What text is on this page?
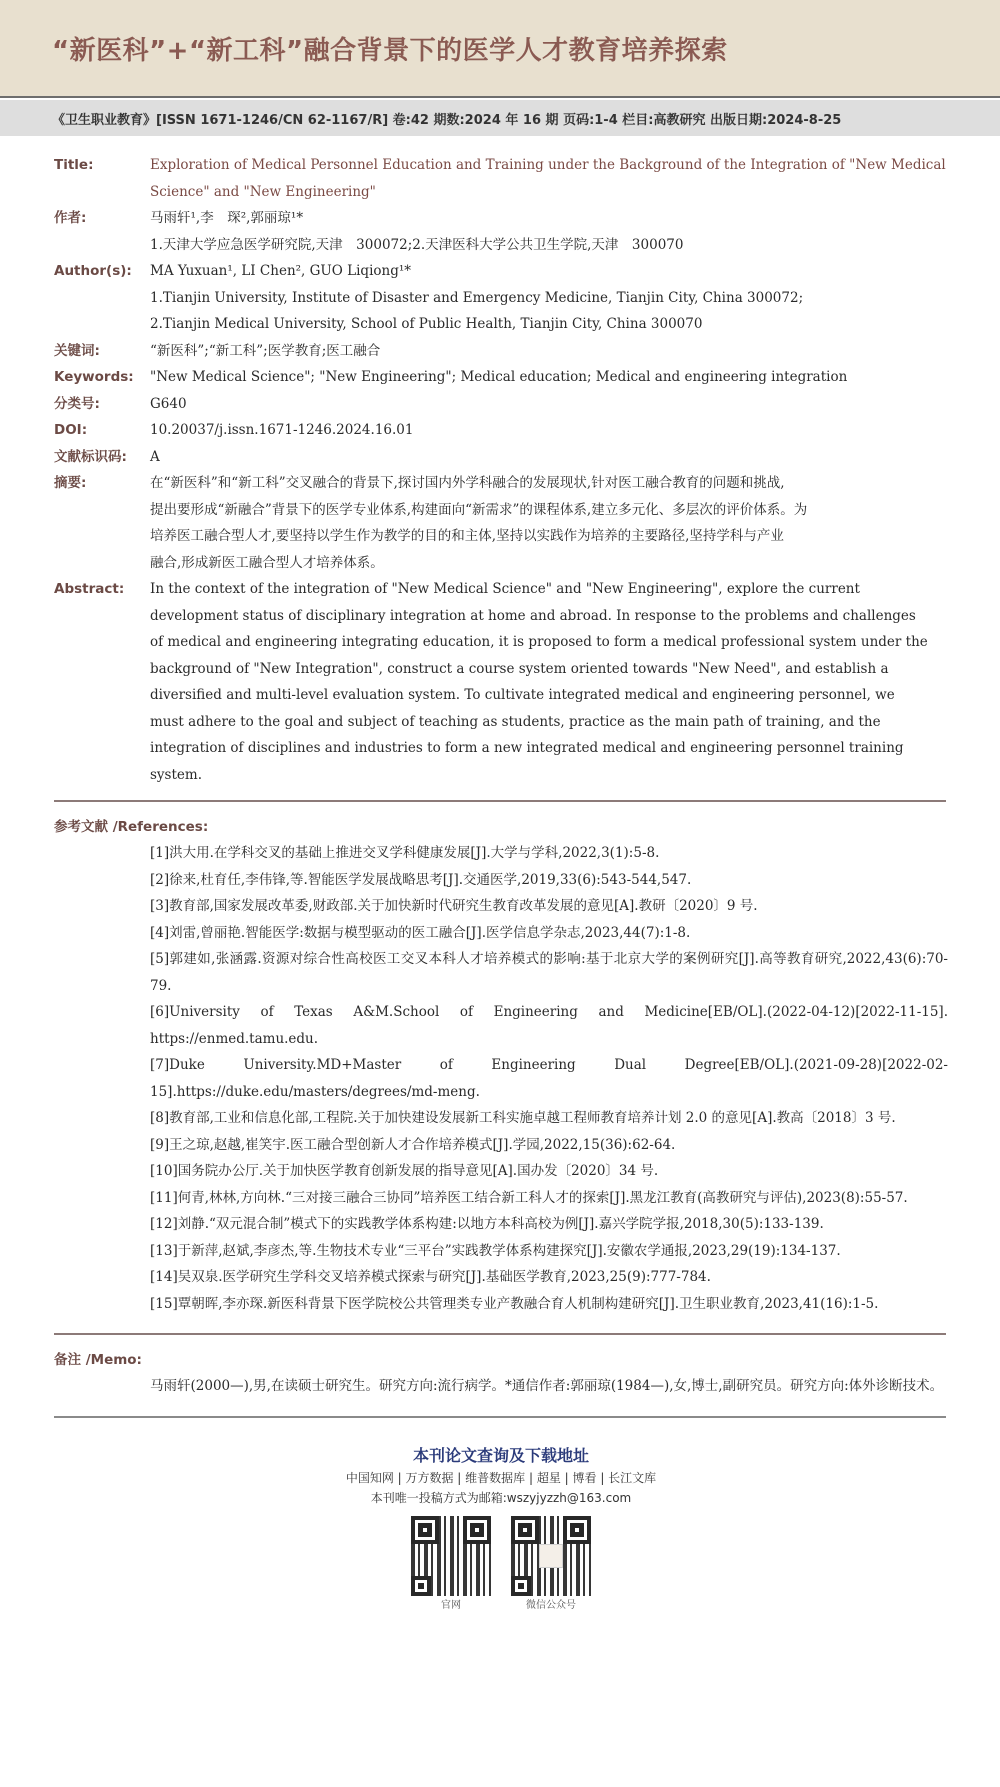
“新医科”+“新工科”融合背景下的医学人才教育培养探索
《卫生职业教育》[ISSN 1671-1246/CN 62-1167/R] 卷:42 期数:2024 年 16 期 页码:1-4 栏目:高教研究 出版日期:2024-8-25
Title:	Exploration of Medical Personnel Education and Training under the Background of the Integration of "New Medical
Science" and "New Engineering"
作者:	马雨轩¹,李　琛²,郭丽琼¹*
1.天津大学应急医学研究院,天津　300072;2.天津医科大学公共卫生学院,天津　300070
Author(s):	MA Yuxuan¹, LI Chen², GUO Liqiong¹*
1.Tianjin University, Institute of Disaster and Emergency Medicine, Tianjin City, China 300072;
2.Tianjin Medical University, School of Public Health, Tianjin City, China 300070
关键词:	“新医科”;“新工科”;医学教育;医工融合
Keywords:	"New Medical Science"; "New Engineering"; Medical education; Medical and engineering integration
分类号:	G640
DOI:	10.20037/j.issn.1671-1246.2024.16.01
文献标识码:	A
摘要:	在“新医科”和“新工科”交叉融合的背景下,探讨国内外学科融合的发展现状,针对医工融合教育的问题和挑战,
提出要形成“新融合”背景下的医学专业体系,构建面向“新需求”的课程体系,建立多元化、多层次的评价体系。为
培养医工融合型人才,要坚持以学生作为教学的目的和主体,坚持以实践作为培养的主要路径,坚持学科与产业
融合,形成新医工融合型人才培养体系。
Abstract:	In the context of the integration of "New Medical Science" and "New Engineering", explore the current
development status of disciplinary integration at home and abroad. In response to the problems and challenges
of medical and engineering integrating education, it is proposed to form a medical professional system under the
background of "New Integration", construct a course system oriented towards "New Need", and establish a
diversified and multi-level evaluation system. To cultivate integrated medical and engineering personnel, we
must adhere to the goal and subject of teaching as students, practice as the main path of training, and the
integration of disciplines and industries to form a new integrated medical and engineering personnel training
system.
参考文献 /References:
[1]洪大用.在学科交叉的基础上推进交叉学科健康发展[J].大学与学科,2022,3(1):5-8.
[2]徐来,杜育任,李伟锋,等.智能医学发展战略思考[J].交通医学,2019,33(6):543-544,547.
[3]教育部,国家发展改革委,财政部.关于加快新时代研究生教育改革发展的意见[A].教研〔2020〕9 号.
[4]刘雷,曾丽艳.智能医学:数据与模型驱动的医工融合[J].医学信息学杂志,2023,44(7):1-8.
[5]郭建如,张涵露.资源对综合性高校医工交叉本科人才培养模式的影响:基于北京大学的案例研究[J].高等教育研究,2022,43(6):70-79.
[6]University of Texas A&M.School of Engineering and Medicine[EB/OL].(2022-04-12)[2022-11-15]. https://enmed.tamu.edu.
[7]Duke University.MD+Master of Engineering Dual Degree[EB/OL].(2021-09-28)[2022-02-15].https://duke.edu/masters/degrees/md-meng.
[8]教育部,工业和信息化部,工程院.关于加快建设发展新工科实施卓越工程师教育培养计划 2.0 的意见[A].教高〔2018〕3 号.
[9]王之琼,赵越,崔笑宇.医工融合型创新人才合作培养模式[J].学园,2022,15(36):62-64.
[10]国务院办公厅.关于加快医学教育创新发展的指导意见[A].国办发〔2020〕34 号.
[11]何青,林林,方向林.“三对接三融合三协同”培养医工结合新工科人才的探索[J].黑龙江教育(高教研究与评估),2023(8):55-57.
[12]刘静.“双元混合制”模式下的实践教学体系构建:以地方本科高校为例[J].嘉兴学院学报,2018,30(5):133-139.
[13]于新萍,赵斌,李彦杰,等.生物技术专业“三平台”实践教学体系构建探究[J].安徽农学通报,2023,29(19):134-137.
[14]吴双泉.医学研究生学科交叉培养模式探索与研究[J].基础医学教育,2023,25(9):777-784.
[15]覃朝晖,李亦琛.新医科背景下医学院校公共管理类专业产教融合育人机制构建研究[J].卫生职业教育,2023,41(16):1-5.
备注 /Memo:
马雨轩(2000—),男,在读硕士研究生。研究方向:流行病学。*通信作者:郭丽琼(1984—),女,博士,副研究员。研究方向:体外诊断技术。
本刊论文查询及下载地址
中国知网 | 万方数据 | 维普数据库 | 超星 | 博看 | 长江文库
本刊唯一投稿方式为邮箱:wszyjyzzh@163.com
官网	微信公众号
